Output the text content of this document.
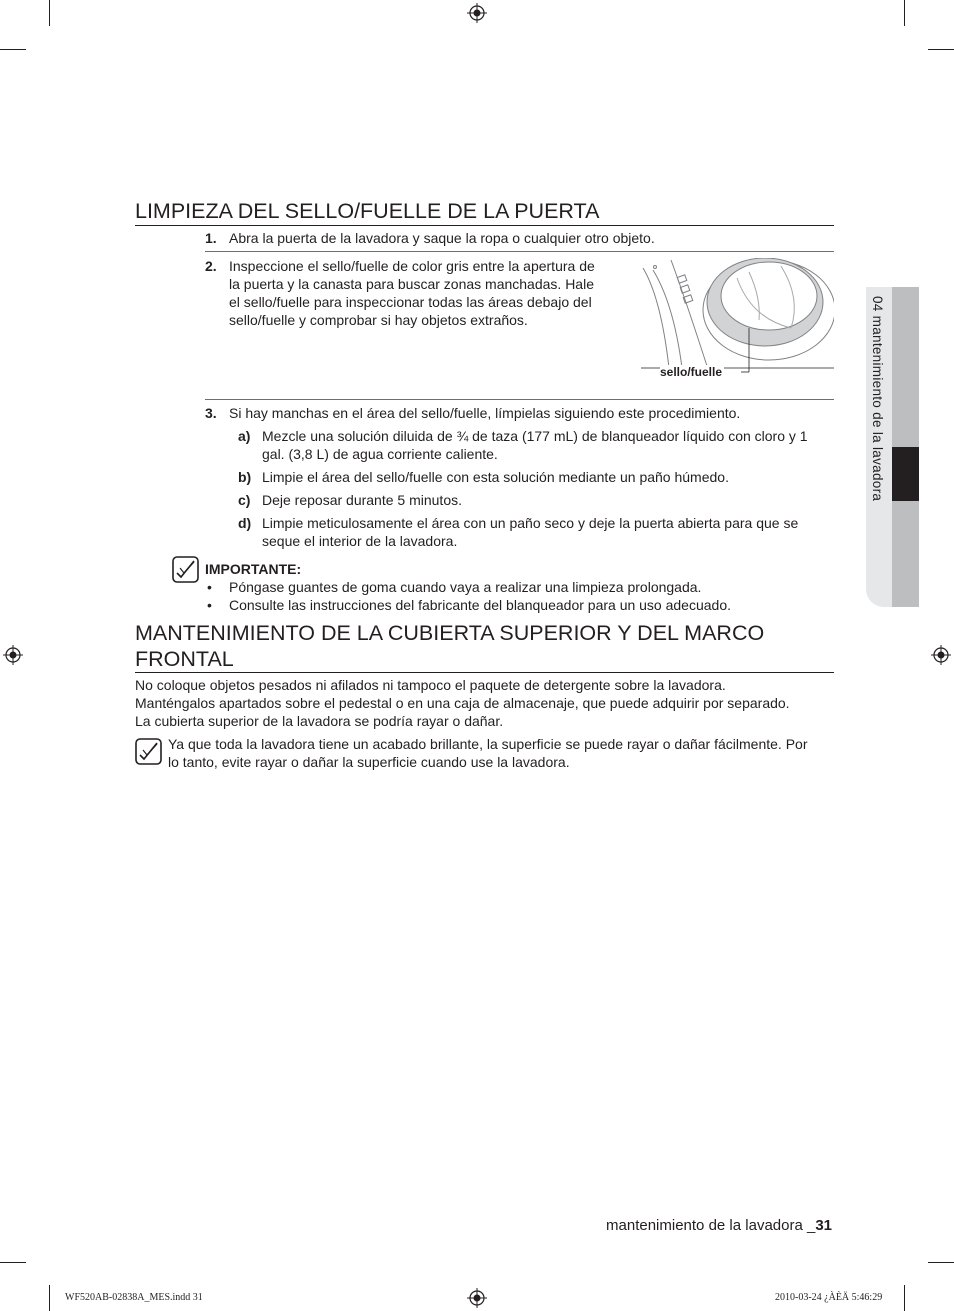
LIMPIEZA DEL SELLO/FUELLE DE LA PUERTA
1. Abra la puerta de la lavadora y saque la ropa o cualquier otro objeto.
2. Inspeccione el sello/fuelle de color gris entre la apertura de
la puerta y la canasta para buscar zonas manchadas. Hale
el sello/fuelle para inspeccionar todas las áreas debajo del
sello/fuelle y comprobar si hay objetos extraños.
sello/fuelle
3. Si hay manchas en el área del sello/fuelle, límpielas siguiendo este procedimiento.
a) Mezcle una solución diluida de ¾ de taza (177 mL) de blanqueador líquido con cloro y 1
gal. (3,8 L) de agua corriente caliente.
b) Limpie el área del sello/fuelle con esta solución mediante un paño húmedo.
c) Deje reposar durante 5 minutos.
d) Limpie meticulosamente el área con un paño seco y deje la puerta abierta para que se
seque el interior de la lavadora.
IMPORTANTE:
• Póngase guantes de goma cuando vaya a realizar una limpieza prolongada.
• Consulte las instrucciones del fabricante del blanqueador para un uso adecuado.
MANTENIMIENTO DE LA CUBIERTA SUPERIOR Y DEL MARCO
FRONTAL
No coloque objetos pesados ni afilados ni tampoco el paquete de detergente sobre la lavadora.
Manténgalos apartados sobre el pedestal o en una caja de almacenaje, que puede adquirir por separado.
La cubierta superior de la lavadora se podría rayar o dañar.
Ya que toda la lavadora tiene un acabado brillante, la superficie se puede rayar o dañar fácilmente. Por
lo tanto, evite rayar o dañar la superficie cuando use la lavadora.
04 mantenimiento de la lavadora
mantenimiento de la lavadora _31
WF520AB-02838A_MES.indd 31	2010-03-24 ¿ÀÈÄ 5:46:29
